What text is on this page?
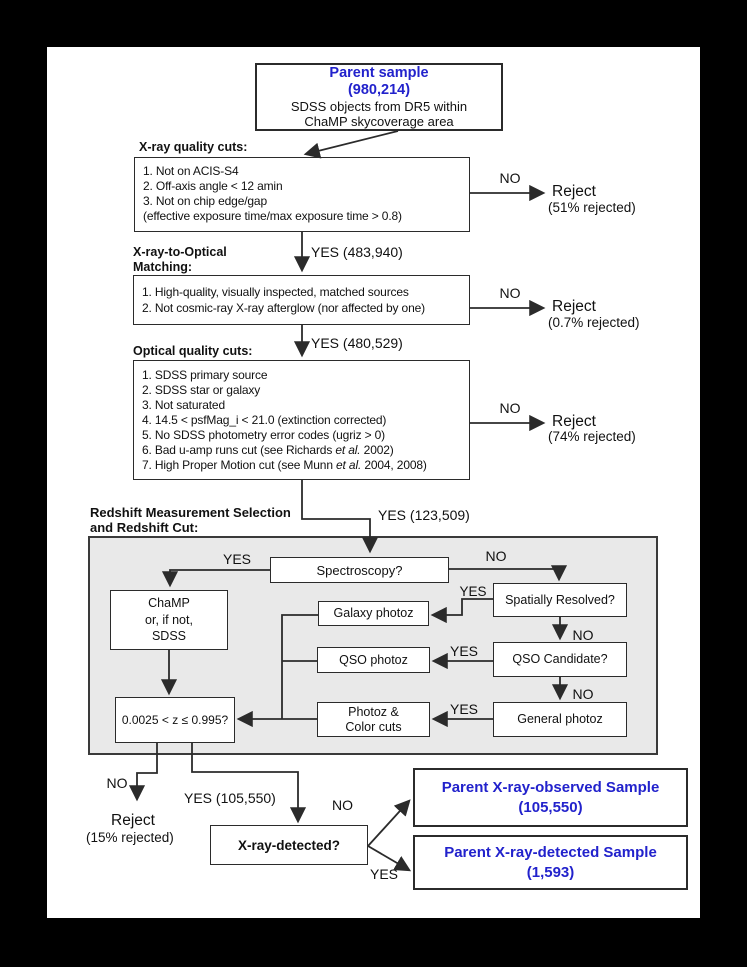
Parent sample
(980,214)
SDSS objects from DR5 within
ChaMP skycoverage area
X-ray quality cuts:
1. Not on ACIS-S4
2. Off-axis angle < 12 amin
3. Not on chip edge/gap
(effective exposure time/max exposure time > 0.8)
NO
Reject
(51% rejected)
YES (483,940)
X-ray-to-Optical
Matching:
1. High-quality, visually inspected, matched sources
2. Not cosmic-ray X-ray afterglow (nor affected by one)
NO
Reject
(0.7% rejected)
YES (480,529)
Optical quality cuts:
1. SDSS primary source
2. SDSS star or galaxy
3. Not saturated
4. 14.5 < psfMag_i < 21.0 (extinction corrected)
5. No SDSS photometry error codes (ugriz > 0)
6. Bad u-amp runs cut (see Richards et al. 2002)
7. High Proper Motion cut (see Munn et al. 2004, 2008)
NO
Reject
(74% rejected)
YES (123,509)
Redshift Measurement Selection
and Redshift Cut:
Spectroscopy?
YES	NO
ChaMP
or, if not,
SDSS
Spatially Resolved?
YES
NO
Galaxy photoz
QSO Candidate?
YES
NO
QSO photoz
General photoz
YES
Photoz &
Color cuts
0.0025 < z ≤ 0.995?
NO
Reject
(15% rejected)
YES (105,550)
X-ray-detected?
NO
YES
Parent X-ray-observed Sample
(105,550)
Parent X-ray-detected Sample
(1,593)
